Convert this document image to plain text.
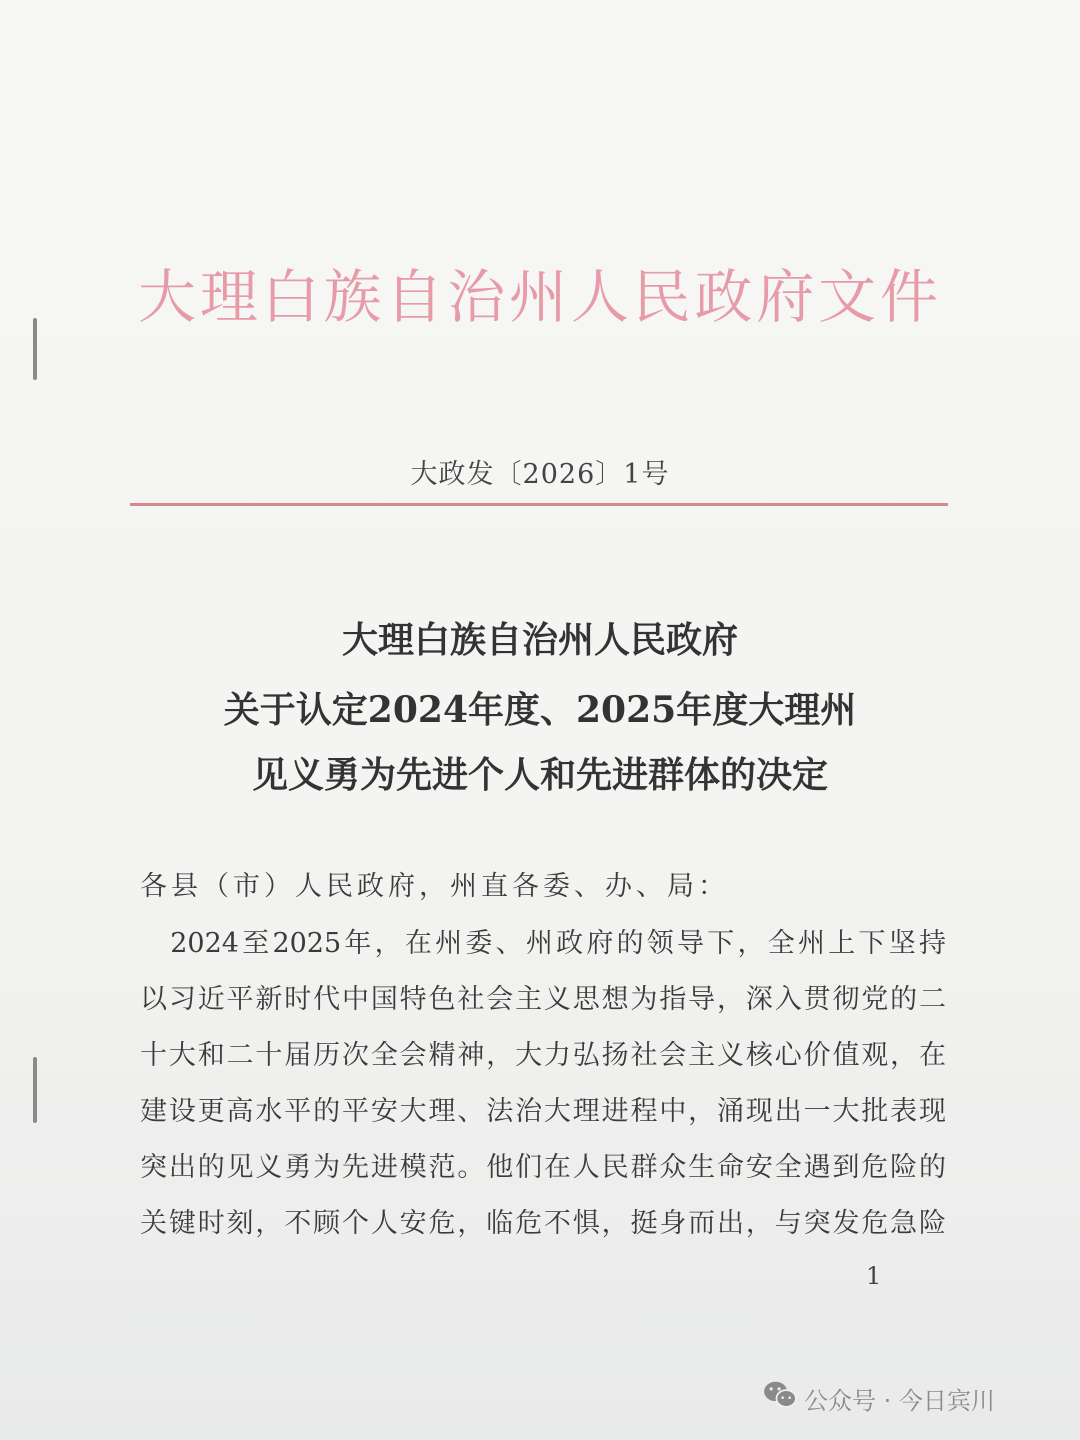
大理白族自治州人民政府文件
大政发〔2026〕1号
大理白族自治州人民政府
关于认定2024年度、2025年度大理州
见义勇为先进个人和先进群体的决定
各县（市）人民政府，州直各委、办、局：
　2024至2025年，在州委、州政府的领导下，全州上下坚持
以习近平新时代中国特色社会主义思想为指导，深入贯彻党的二
十大和二十届历次全会精神，大力弘扬社会主义核心价值观，在
建设更高水平的平安大理、法治大理进程中，涌现出一大批表现
突出的见义勇为先进模范。他们在人民群众生命安全遇到危险的
关键时刻，不顾个人安危，临危不惧，挺身而出，与突发危急险
1
公众号 · 今日宾川
